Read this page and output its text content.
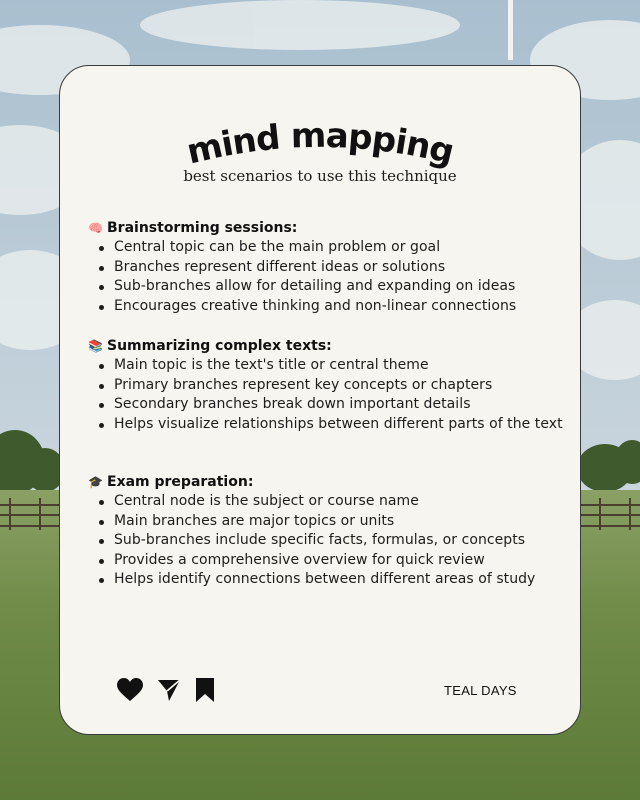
mind mapping
best scenarios to use this technique
🧠 Brainstorming sessions:
Central topic can be the main problem or goal
Branches represent different ideas or solutions
Sub-branches allow for detailing and expanding on ideas
Encourages creative thinking and non-linear connections
📚 Summarizing complex texts:
Main topic is the text's title or central theme
Primary branches represent key concepts or chapters
Secondary branches break down important details
Helps visualize relationships between different parts of the text
🎓 Exam preparation:
Central node is the subject or course name
Main branches are major topics or units
Sub-branches include specific facts, formulas, or concepts
Provides a comprehensive overview for quick review
Helps identify connections between different areas of study
TEAL DAYS
